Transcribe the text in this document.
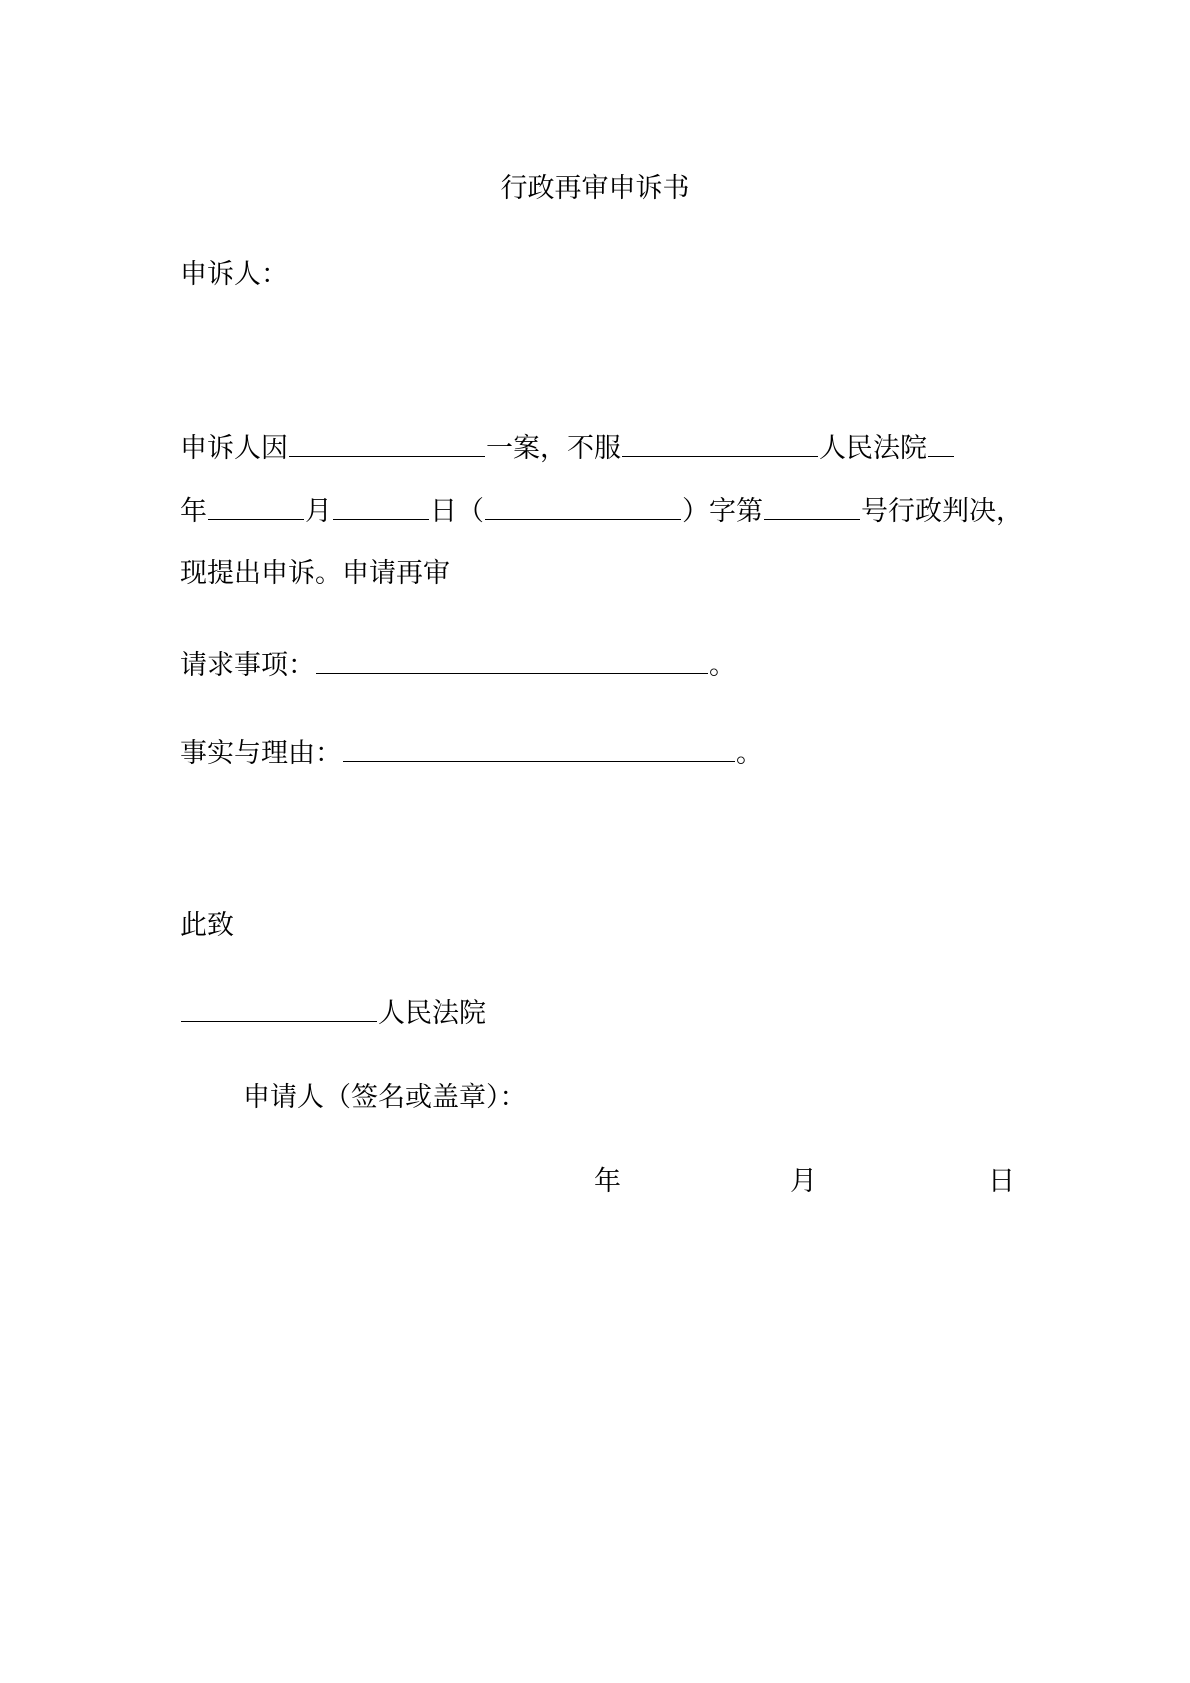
行政再审申诉书
申诉人：
申诉人因	一案，不服	人民法院
年	月	日（	）字第	号行政判决，
现提出申诉。申请再审
请求事项：	。
事实与理由：	。
此致
人民法院
申请人（签名或盖章）：
年	月	日
